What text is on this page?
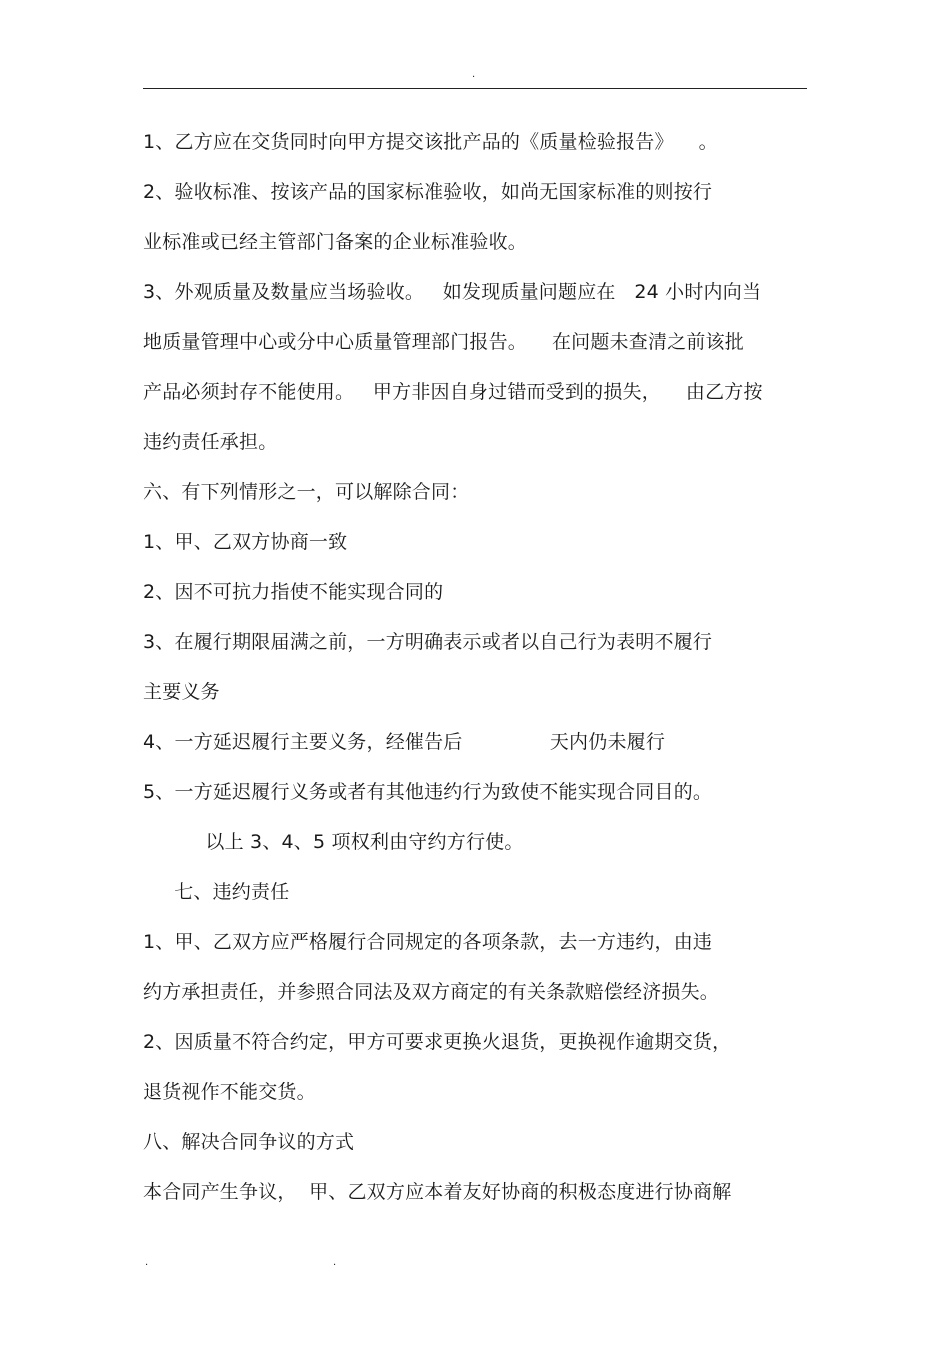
.
1、乙方应在交货同时向甲方提交该批产品的《质量检验报告》    。
2、验收标准、按该产品的国家标准验收，如尚无国家标准的则按行
业标准或已经主管部门备案的企业标准验收。
3、外观质量及数量应当场验收。   如发现质量问题应在   24 小时内向当
地质量管理中心或分中心质量管理部门报告。    在问题未查清之前该批
产品必须封存不能使用。   甲方非因自身过错而受到的损失，    由乙方按
违约责任承担。
六、有下列情形之一，可以解除合同：
1、甲、乙双方协商一致
2、因不可抗力指使不能实现合同的
3、在履行期限届满之前，一方明确表示或者以自己行为表明不履行
主要义务
4、一方延迟履行主要义务，经催告后              天内仍未履行
5、一方延迟履行义务或者有其他违约行为致使不能实现合同目的。
以上 3、4、5 项权利由守约方行使。
七、违约责任
1、甲、乙双方应严格履行合同规定的各项条款，去一方违约，由违
约方承担责任，并参照合同法及双方商定的有关条款赔偿经济损失。
2、因质量不符合约定，甲方可要求更换火退货，更换视作逾期交货，
退货视作不能交货。
八、解决合同争议的方式
本合同产生争议，  甲、乙双方应本着友好协商的积极态度进行协商解
.	.
